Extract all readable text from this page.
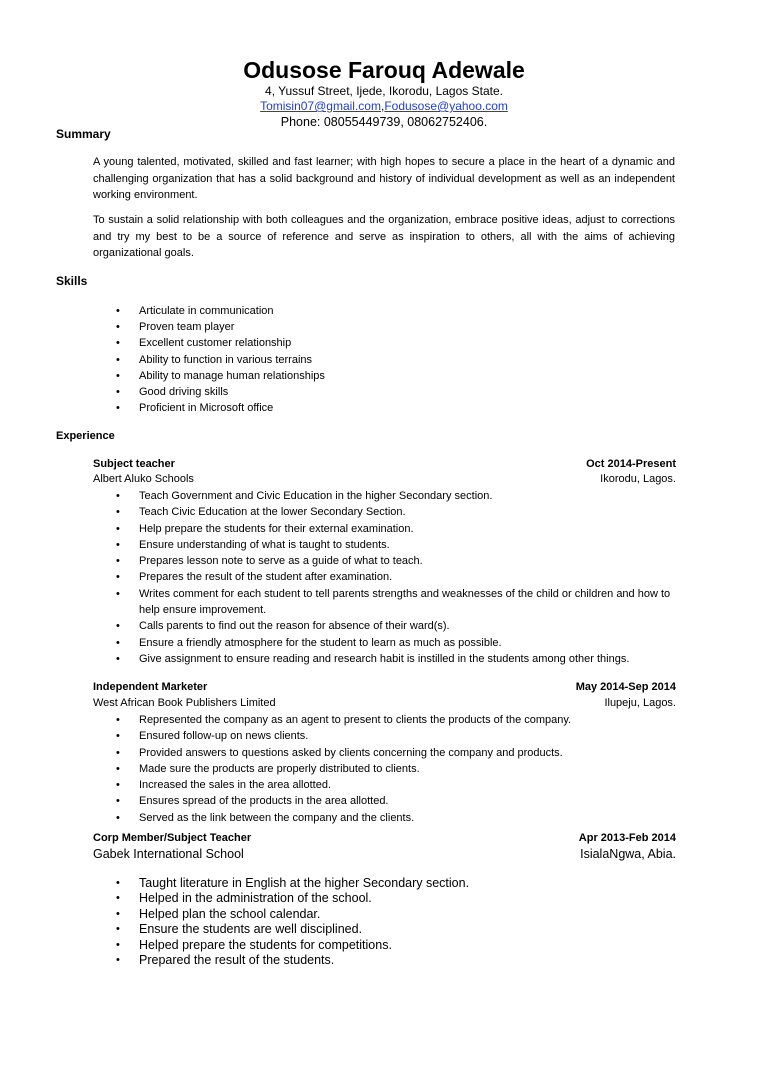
Odusose Farouq Adewale

4, Yussuf Street, Ijede, Ikorodu, Lagos State.

Tomisin07@gmail.com,Fodusose@yahoo.com

Phone: 08055449739, 08062752406.

Summary

A young talented, motivated, skilled and fast learner; with high hopes to secure a place in the heart of a dynamic and challenging organization that has a solid background and history of individual development as well as an independent working environment.

To sustain a solid relationship with both colleagues and the organization, embrace positive ideas, adjust to corrections and try my best to be a source of reference and serve as inspiration to others, all with the aims of achieving organizational goals.

Skills

• Articulate in communication
• Proven team player
• Excellent customer relationship
• Ability to function in various terrains
• Ability to manage human relationships
• Good driving skills
• Proficient in Microsoft office

Experience

Subject teacher	Oct 2014-Present
Albert Aluko Schools	Ikorodu, Lagos.
• Teach Government and Civic Education in the higher Secondary section.
• Teach Civic Education at the lower Secondary Section.
• Help prepare the students for their external examination.
• Ensure understanding of what is taught to students.
• Prepares lesson note to serve as a guide of what to teach.
• Prepares the result of the student after examination.
• Writes comment for each student to tell parents strengths and weaknesses of the child or children and how to help ensure improvement.
• Calls parents to find out the reason for absence of their ward(s).
• Ensure a friendly atmosphere for the student to learn as much as possible.
• Give assignment to ensure reading and research habit is instilled in the students among other things.
Independent Marketer	May 2014-Sep 2014
West African Book Publishers Limited	Ilupeju, Lagos.
• Represented the company as an agent to present to clients the products of the company.
• Ensured follow-up on news clients.
• Provided answers to questions asked by clients concerning the company and products.
• Made sure the products are properly distributed to clients.
• Increased the sales in the area allotted.
• Ensures spread of the products in the area allotted.
• Served as the link between the company and the clients.
Corp Member/Subject Teacher	Apr 2013-Feb 2014
Gabek International School	IsialaNgwa, Abia.
• Taught literature in English at the higher Secondary section.
• Helped in the administration of the school.
• Helped plan the school calendar.
• Ensure the students are well disciplined.
• Helped prepare the students for competitions.
• Prepared the result of the students.
